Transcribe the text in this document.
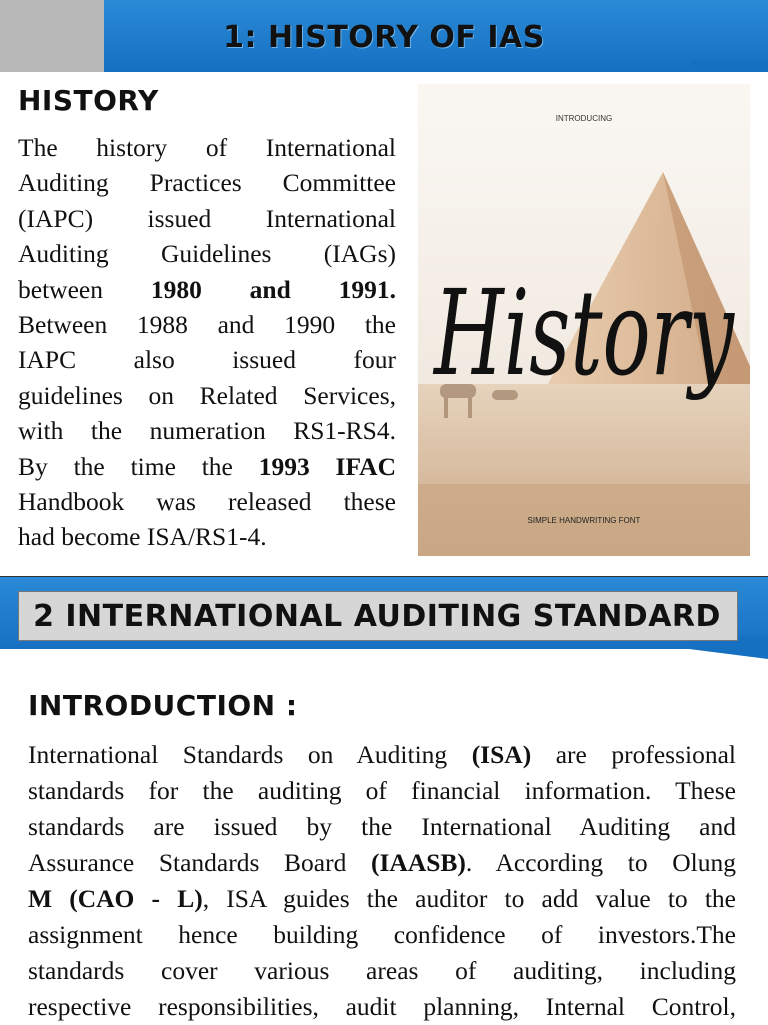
1: HISTORY OF IAS
HISTORY

The history of International
Auditing Practices Committee
(IAPC) issued International
Auditing Guidelines (IAGs)
between 1980 and 1991.
Between 1988 and 1990 the
IAPC also issued four
guidelines on Related Services,
with the numeration RS1-RS4.
By the time the 1993 IFAC
Handbook was released these
had become ISA/RS1-4.

INTRODUCING
History
SIMPLE HANDWRITING FONT
2 INTERNATIONAL AUDITING STANDARD
INTRODUCTION :

International Standards on Auditing (ISA) are professional
standards for the auditing of financial information. These
standards are issued by the International Auditing and
Assurance Standards Board (IAASB). According to Olung
M (CAO - L), ISA guides the auditor to add value to the
assignment hence building confidence of investors.The
standards cover various areas of auditing, including
respective responsibilities, audit planning, Internal Control,
